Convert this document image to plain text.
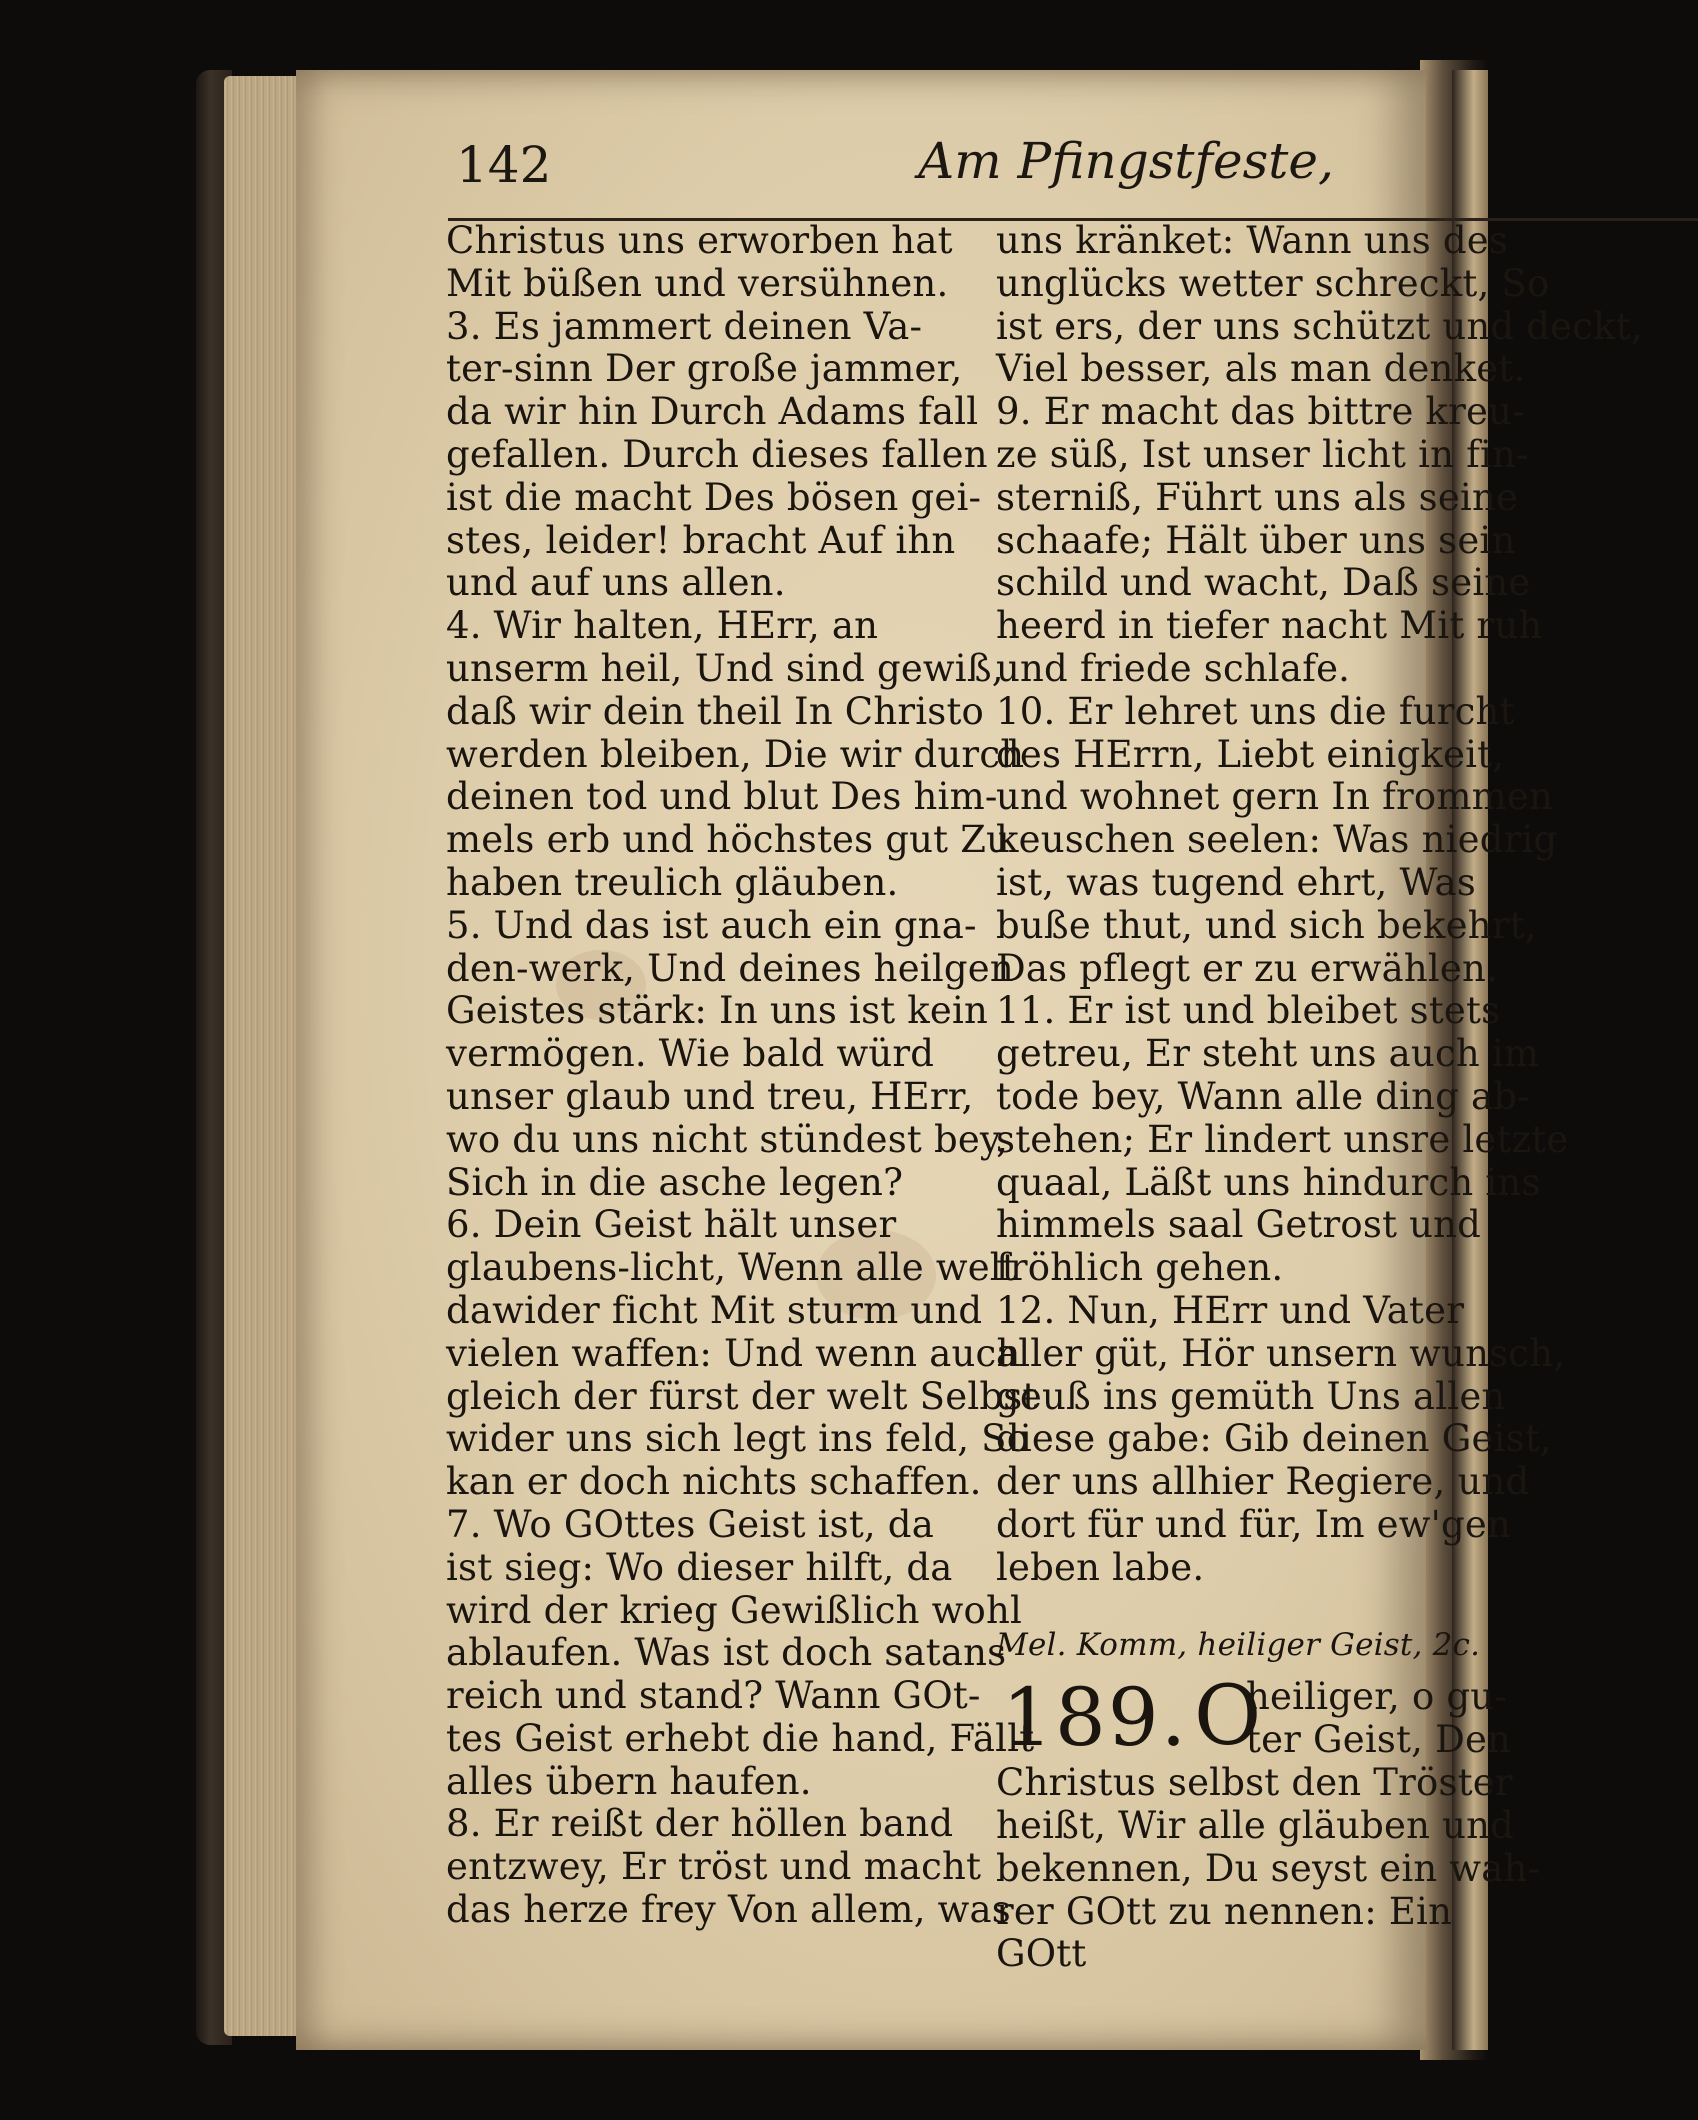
142	Am Pfingstfeste,
Christus uns erworben hat
Mit büßen und versühnen.
3. Es jammert deinen Va-
ter-sinn Der große jammer,
da wir hin Durch Adams fall
gefallen. Durch dieses fallen
ist die macht Des bösen gei-
stes, leider! bracht Auf ihn
und auf uns allen.
4. Wir halten, HErr, an
unserm heil, Und sind gewiß,
daß wir dein theil In Christo
werden bleiben, Die wir durch
deinen tod und blut Des him-
mels erb und höchstes gut Zu
haben treulich gläuben.
5. Und das ist auch ein gna-
den-werk, Und deines heilgen
Geistes stärk: In uns ist kein
vermögen. Wie bald würd
unser glaub und treu, HErr,
wo du uns nicht stündest bey,
Sich in die asche legen?
6. Dein Geist hält unser
glaubens-licht, Wenn alle welt
dawider ficht Mit sturm und
vielen waffen: Und wenn auch
gleich der fürst der welt Selbst
wider uns sich legt ins feld, So
kan er doch nichts schaffen.
7. Wo GOttes Geist ist, da
ist sieg: Wo dieser hilft, da
wird der krieg Gewißlich wohl
ablaufen. Was ist doch satans
reich und stand? Wann GOt-
tes Geist erhebt die hand, Fällt
alles übern haufen.
8. Er reißt der höllen band
entzwey, Er tröst und macht
das herze frey Von allem, was
uns kränket: Wann uns des
unglücks wetter schreckt, So
ist ers, der uns schützt und deckt,
Viel besser, als man denket.
9. Er macht das bittre kreu-
ze süß, Ist unser licht in fin-
sterniß, Führt uns als seine
schaafe; Hält über uns sein
schild und wacht, Daß seine
heerd in tiefer nacht Mit ruh
und friede schlafe.
10. Er lehret uns die furcht
des HErrn, Liebt einigkeit,
und wohnet gern In frommen
keuschen seelen: Was niedrig
ist, was tugend ehrt, Was
buße thut, und sich bekehrt,
Das pflegt er zu erwählen.
11. Er ist und bleibet stets
getreu, Er steht uns auch im
tode bey, Wann alle ding ab-
stehen; Er lindert unsre letzte
quaal, Läßt uns hindurch ins
himmels saal Getrost und
fröhlich gehen.
12. Nun, HErr und Vater
aller güt, Hör unsern wunsch,
geuß ins gemüth Uns allen
diese gabe: Gib deinen Geist,
der uns allhier Regiere, und
dort für und für, Im ew'gen
leben labe.
Mel. Komm, heiliger Geist, 2c.
189. O
heiliger, o gu-
ter Geist, Den
Christus selbst den Tröster
heißt, Wir alle gläuben und
bekennen, Du seyst ein wah-
rer GOtt zu nennen: Ein
GOtt
